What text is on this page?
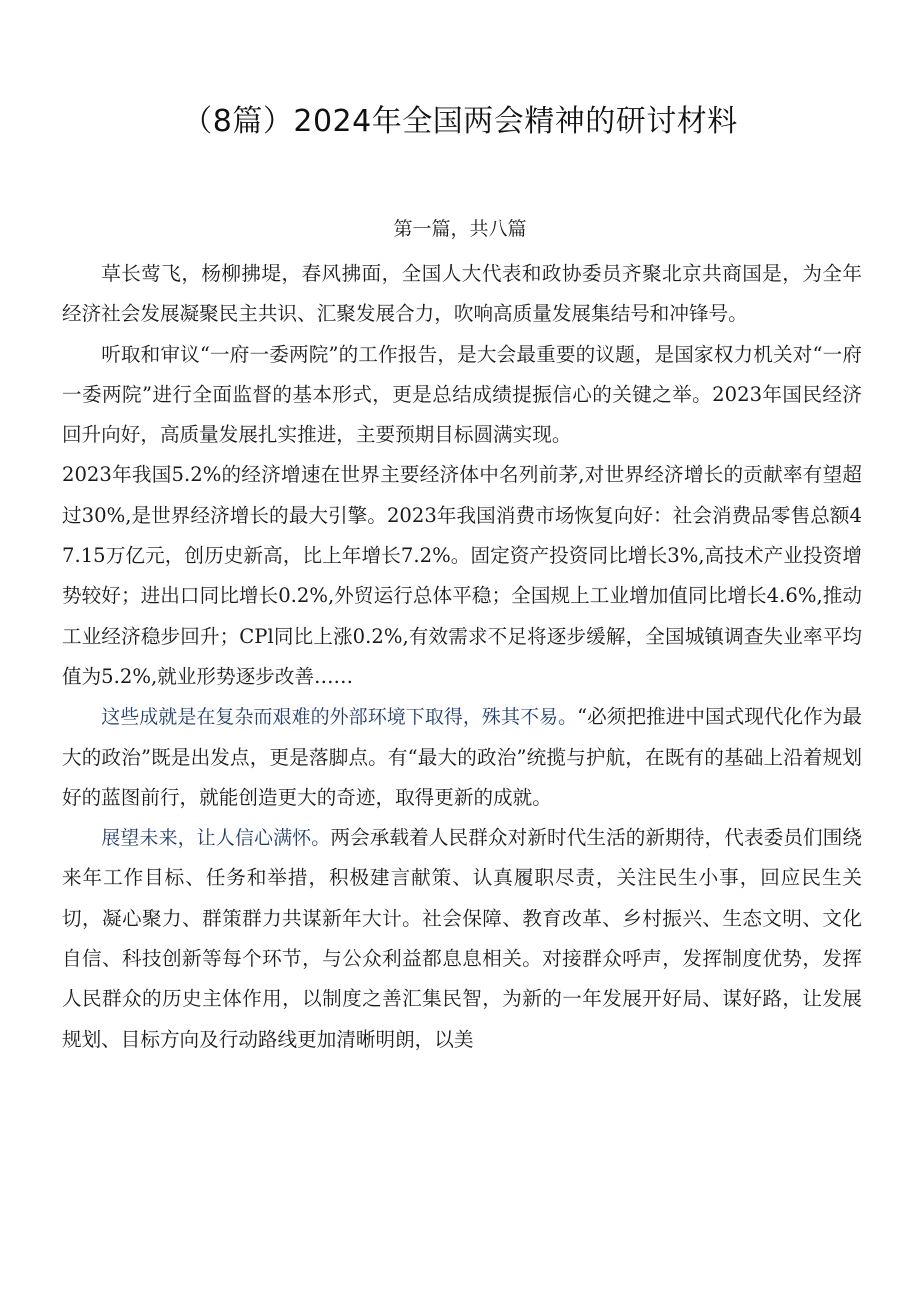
（8篇）2024年全国两会精神的研讨材料
第一篇，共八篇

草长莺飞，杨柳拂堤，春风拂面，全国人大代表和政协委员齐聚北京共商国是，为全年经济社会发展凝聚民主共识、汇聚发展合力，吹响高质量发展集结号和冲锋号。

听取和审议“一府一委两院”的工作报告，是大会最重要的议题，是国家权力机关对“一府一委两院”进行全面监督的基本形式，更是总结成绩提振信心的关键之举。2023年国民经济回升向好，高质量发展扎实推进，主要预期目标圆满实现。

2023年我国5.2%的经济增速在世界主要经济体中名列前茅,对世界经济增长的贡献率有望超过30%,是世界经济增长的最大引擎。2023年我国消费市场恢复向好：社会消费品零售总额47.15万亿元，创历史新高，比上年增长7.2%。固定资产投资同比增长3%,高技术产业投资增势较好；进出口同比增长0.2%,外贸运行总体平稳；全国规上工业增加值同比增长4.6%,推动工业经济稳步回升；CPl同比上涨0.2%,有效需求不足将逐步缓解，全国城镇调查失业率平均值为5.2%,就业形势逐步改善……

这些成就是在复杂而艰难的外部环境下取得，殊其不易。“必须把推进中国式现代化作为最大的政治”既是出发点，更是落脚点。有“最大的政治”统揽与护航，在既有的基础上沿着规划好的蓝图前行，就能创造更大的奇迹，取得更新的成就。

展望未来，让人信心满怀。两会承载着人民群众对新时代生活的新期待，代表委员们围绕来年工作目标、任务和举措，积极建言献策、认真履职尽责，关注民生小事，回应民生关切，凝心聚力、群策群力共谋新年大计。社会保障、教育改革、乡村振兴、生态文明、文化自信、科技创新等每个环节，与公众利益都息息相关。对接群众呼声，发挥制度优势，发挥人民群众的历史主体作用，以制度之善汇集民智，为新的一年发展开好局、谋好路，让发展规划、目标方向及行动路线更加清晰明朗，以美
